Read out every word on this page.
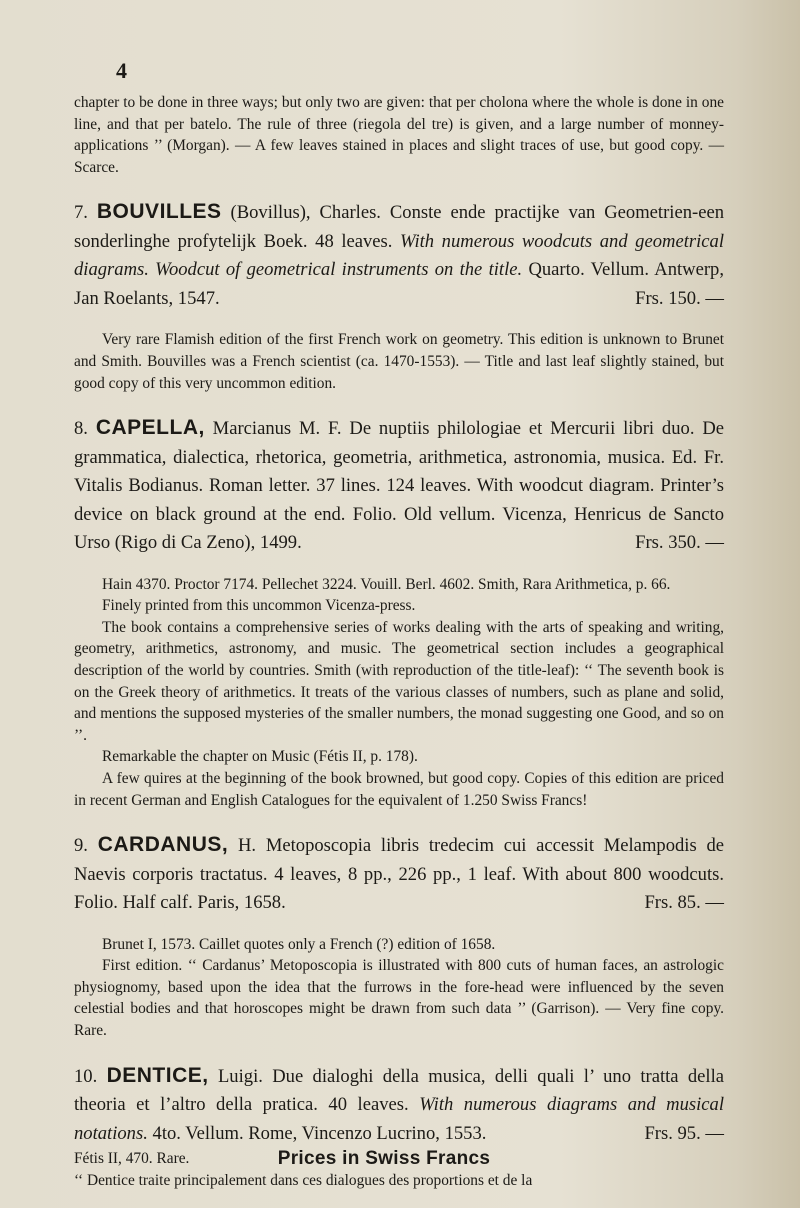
4

chapter to be done in three ways; but only two are given: that per cholona where the whole is done in one line, and that per batelo. The rule of three (riegola del tre) is given, and a large number of monney-applications ’’ (Morgan). — A few leaves stained in places and slight traces of use, but good copy. — Scarce.

7. BOUVILLES (Bovillus), Charles. Conste ende practijke van Geometrien-een sonderlinghe profytelijk Boek. 48 leaves. With numerous woodcuts and geometrical diagrams. Woodcut of geometrical instruments on the title. Quarto. Vellum. Antwerp, Jan Roelants, 1547.	Frs. 150. —

Very rare Flamish edition of the first French work on geometry. This edition is unknown to Brunet and Smith. Bouvilles was a French scientist (ca. 1470-1553). — Title and last leaf slightly stained, but good copy of this very uncommon edition.

8. CAPELLA, Marcianus M. F. De nuptiis philologiae et Mercurii libri duo. De grammatica, dialectica, rhetorica, geometria, arithmetica, astronomia, musica. Ed. Fr. Vitalis Bodianus. Roman letter. 37 lines. 124 leaves. With woodcut diagram. Printer’s device on black ground at the end. Folio. Old vellum. Vicenza, Henricus de Sancto Urso (Rigo di Ca Zeno), 1499.	Frs. 350. —

Hain 4370. Proctor 7174. Pellechet 3224. Vouill. Berl. 4602. Smith, Rara Arithmetica, p. 66.

Finely printed from this uncommon Vicenza-press.

The book contains a comprehensive series of works dealing with the arts of speaking and writing, geometry, arithmetics, astronomy, and music. The geometrical section includes a geographical description of the world by countries. Smith (with reproduction of the title-leaf): ‘‘ The seventh book is on the Greek theory of arithmetics. It treats of the various classes of numbers, such as plane and solid, and mentions the supposed mysteries of the smaller numbers, the monad suggesting one Good, and so on ’’.

Remarkable the chapter on Music (Fétis II, p. 178).

A few quires at the beginning of the book browned, but good copy. Copies of this edition are priced in recent German and English Catalogues for the equivalent of 1.250 Swiss Francs!

9. CARDANUS, H. Metoposcopia libris tredecim cui accessit Melampodis de Naevis corporis tractatus. 4 leaves, 8 pp., 226 pp., 1 leaf. With about 800 woodcuts. Folio. Half calf. Paris, 1658.	Frs. 85. —

Brunet I, 1573. Caillet quotes only a French (?) edition of 1658.

First edition. ‘‘ Cardanus’ Metoposcopia is illustrated with 800 cuts of human faces, an astrologic physiognomy, based upon the idea that the furrows in the fore-head were influenced by the seven celestial bodies and that horoscopes might be drawn from such data ’’ (Garrison). — Very fine copy. Rare.

10. DENTICE, Luigi. Due dialoghi della musica, delli quali l’ uno tratta della theoria et l’altro della pratica. 40 leaves. With numerous diagrams and musical notations. 4to. Vellum. Rome, Vincenzo Lucrino, 1553.	Frs. 95. —

Fétis II, 470. Rare.

‘‘ Dentice traite principalement dans ces dialogues des proportions et de la

Prices in Swiss Francs
